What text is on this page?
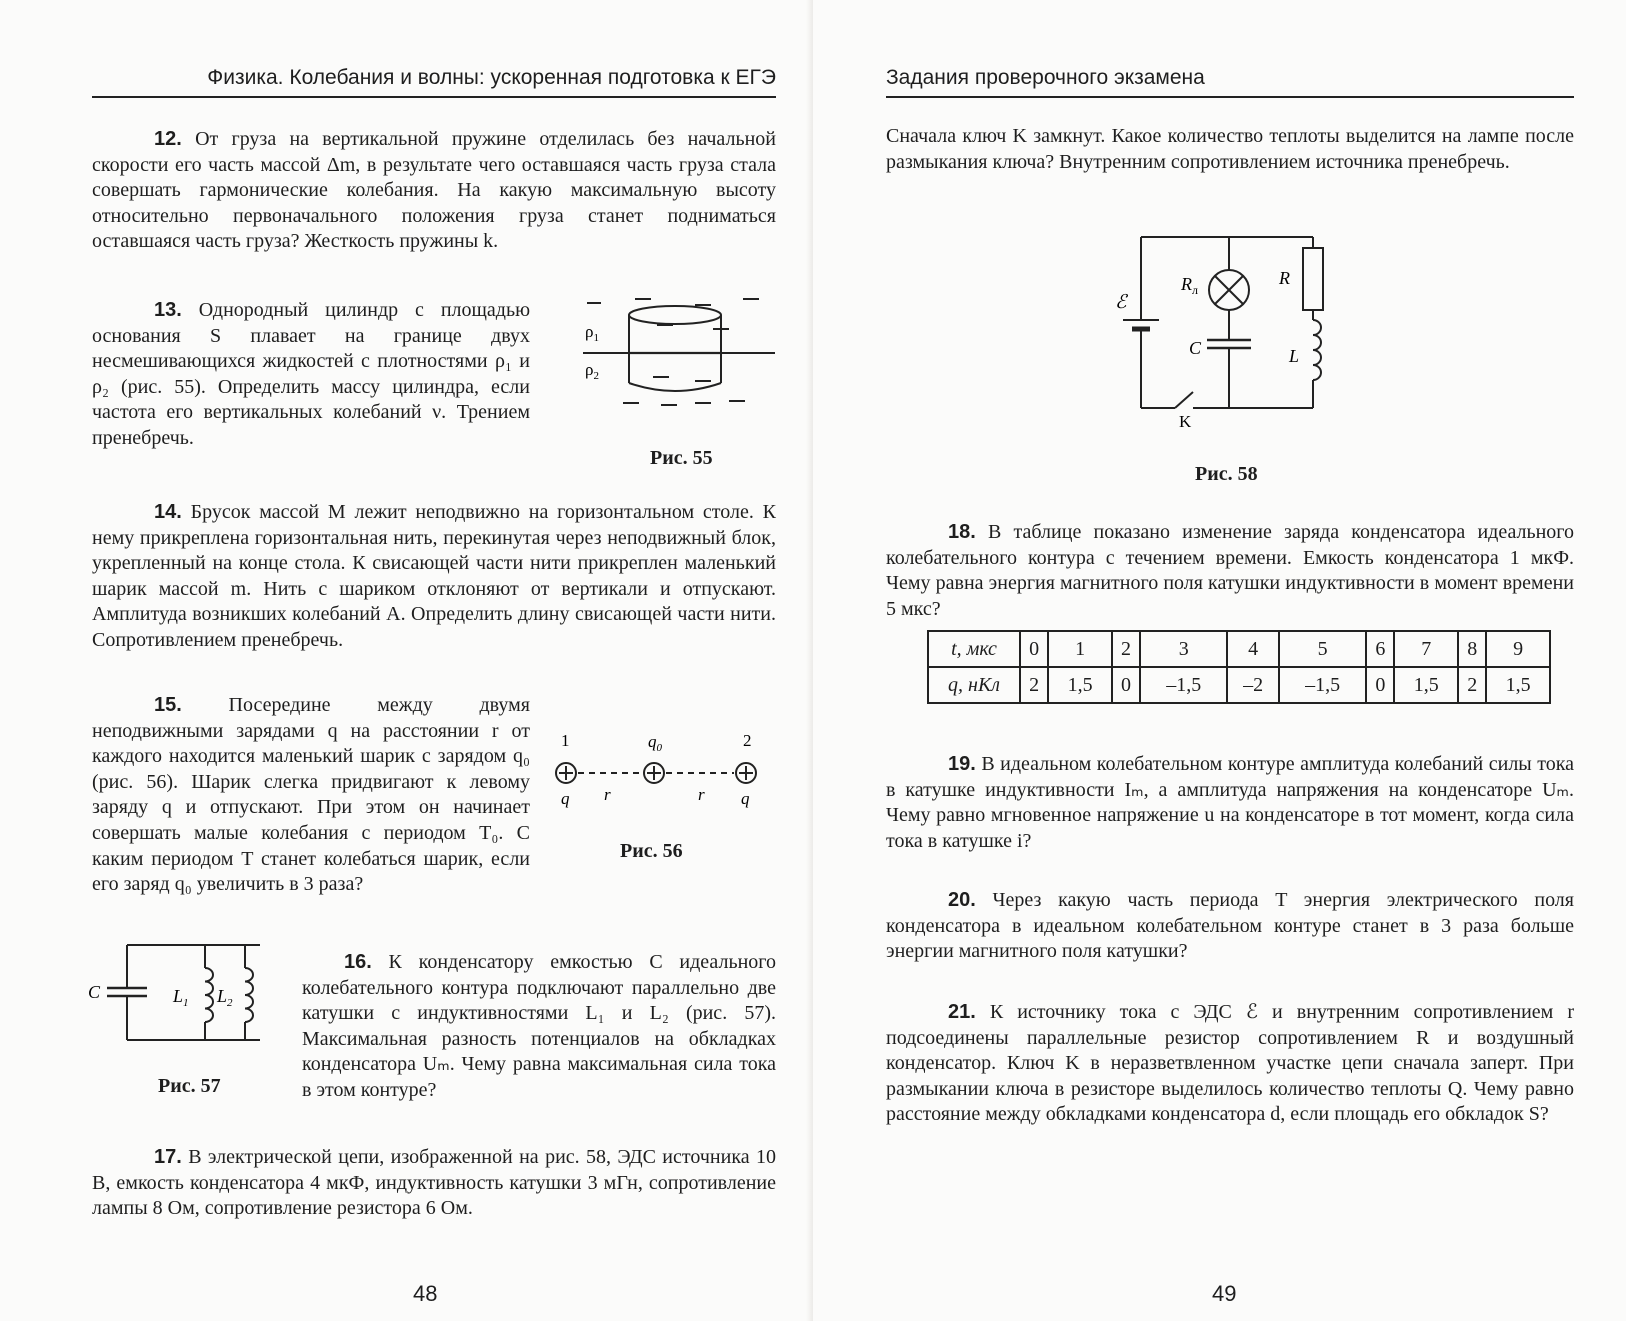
Физика. Колебания и волны: ускоренная подготовка к ЕГЭ

12. От груза на вертикальной пружине отделилась без начальной скорости его часть массой Δm, в результате чего оставшаяся часть груза стала совершать гармонические колебания. На какую максимальную высоту относительно первоначального положения груза станет подниматься оставшаяся часть груза? Жесткость пружины k.

13. Однородный цилиндр с площадью основания S плавает на границе двух несмешивающихся жидкостей с плотностями ρ₁ и ρ₂ (рис. 55). Определить массу цилиндра, если частота его вертикальных колебаний ν. Трением пренебречь.

$\rho_1$
$\rho_2$
Рис. 55

14. Брусок массой M лежит неподвижно на горизонтальном столе. К нему прикреплена горизонтальная нить, перекинутая через неподвижный блок, укрепленный на конце стола. К свисающей части нити прикреплен маленький шарик массой m. Нить с шариком отклоняют от вертикали и отпускают. Амплитуда возникших колебаний A. Определить длину свисающей части нити. Сопротивлением пренебречь.

15. Посередине между двумя неподвижными зарядами q на расстоянии r от каждого находится маленький шарик с зарядом q₀ (рис. 56). Шарик слегка придвигают к левому заряду q и отпускают. При этом он начинает совершать малые колебания с периодом T₀. С каким периодом T станет колебаться шарик, если его заряд q₀ увеличить в 3 раза?

1	2
$q_0$
q	q
r	r
Рис. 56
C	$L_1$ $L_2$
Рис. 57

16. К конденсатору емкостью C идеального колебательного контура подключают параллельно две катушки с индуктивностями L₁ и L₂ (рис. 57). Максимальная разность потенциалов на обкладках конденсатора Uₘ. Чему равна максимальная сила тока в этом контуре?

17. В электрической цепи, изображенной на рис. 58, ЭДС источника 10 В, емкость конденсатора 4 мкФ, индуктивность катушки 3 мГн, сопротивление лампы 8 Ом, сопротивление резистора 6 Ом.

48
Задания проверочного экзамена

Сначала ключ K замкнут. Какое количество теплоты выделится на лампе после размыкания ключа? Внутренним сопротивлением источника пренебречь.

ℰ
$R_л$
C
R
L
K
Рис. 58

18. В таблице показано изменение заряда конденсатора идеального колебательного контура с течением времени. Емкость конденсатора 1 мкФ. Чему равна энергия магнитного поля катушки индуктивности в момент времени 5 мкс?

t, мкс	0	1	2	3	4	5	6	7	8	9
q, нКл	2	1,5	0	–1,5	–2	–1,5	0	1,5	2	1,5

19. В идеальном колебательном контуре амплитуда колебаний силы тока в катушке индуктивности Iₘ, а амплитуда напряжения на конденсаторе Uₘ. Чему равно мгновенное напряжение u на конденсаторе в тот момент, когда сила тока в катушке i?

20. Через какую часть периода T энергия электрического поля конденсатора в идеальном колебательном контуре станет в 3 раза больше энергии магнитного поля катушки?

21. К источнику тока с ЭДС ℰ и внутренним сопротивлением r подсоединены параллельные резистор сопротивлением R и воздушный конденсатор. Ключ K в неразветвленном участке цепи сначала заперт. При размыкании ключа в резисторе выделилось количество теплоты Q. Чему равно расстояние между обкладками конденсатора d, если площадь его обкладок S?

49
